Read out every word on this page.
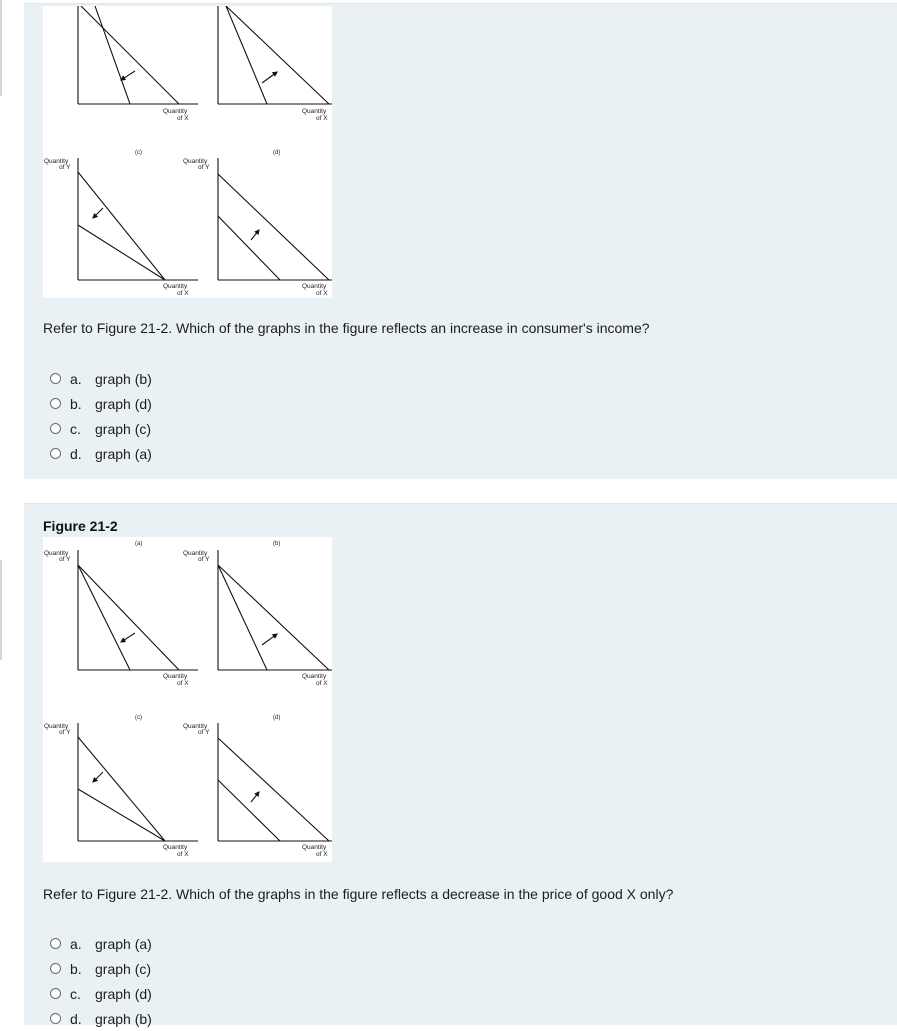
Quantity
of X
Quantity
of X
(c)
Quantity
of Y
Quantity
of X
(d)
Quantity
of Y
Quantity
of X
Refer to Figure 21-2. Which of the graphs in the figure reflects an increase in consumer's income?
a. graph (b)
b. graph (d)
c.	graph (c)
d. graph (a)
Figure 21-2
(a)
Quantity
of Y
Quantity
of X
(b)
Quantity
of Y
Quantity
of X
(c)
Quantity
of Y
Quantity
of X
(d)
Quantity
of Y
Quantity
of X
Refer to Figure 21-2. Which of the graphs in the figure reflects a decrease in the price of good X only?
a. graph (a)
b. graph (c)
c.	graph (d)
d. graph (b)
